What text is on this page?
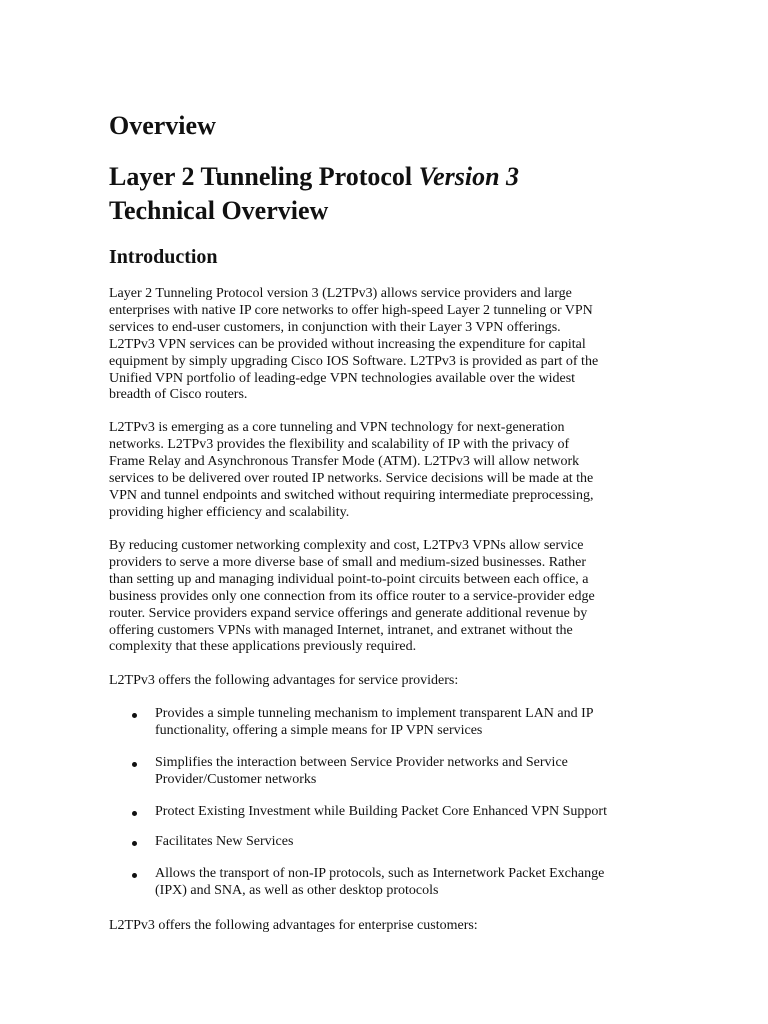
Overview
Layer 2 Tunneling Protocol Version 3
Technical Overview
Introduction

Layer 2 Tunneling Protocol version 3 (L2TPv3) allows service providers and large
enterprises with native IP core networks to offer high-speed Layer 2 tunneling or VPN
services to end-user customers, in conjunction with their Layer 3 VPN offerings.
L2TPv3 VPN services can be provided without increasing the expenditure for capital
equipment by simply upgrading Cisco IOS Software. L2TPv3 is provided as part of the
Unified VPN portfolio of leading-edge VPN technologies available over the widest
breadth of Cisco routers.

L2TPv3 is emerging as a core tunneling and VPN technology for next-generation
networks. L2TPv3 provides the flexibility and scalability of IP with the privacy of
Frame Relay and Asynchronous Transfer Mode (ATM). L2TPv3 will allow network
services to be delivered over routed IP networks. Service decisions will be made at the
VPN and tunnel endpoints and switched without requiring intermediate preprocessing,
providing higher efficiency and scalability.

By reducing customer networking complexity and cost, L2TPv3 VPNs allow service
providers to serve a more diverse base of small and medium-sized businesses. Rather
than setting up and managing individual point-to-point circuits between each office, a
business provides only one connection from its office router to a service-provider edge
router. Service providers expand service offerings and generate additional revenue by
offering customers VPNs with managed Internet, intranet, and extranet without the
complexity that these applications previously required.

L2TPv3 offers the following advantages for service providers:

Provides a simple tunneling mechanism to implement transparent LAN and IP
functionality, offering a simple means for IP VPN services
Simplifies the interaction between Service Provider networks and Service
Provider/Customer networks
Protect Existing Investment while Building Packet Core Enhanced VPN Support
Facilitates New Services
Allows the transport of non-IP protocols, such as Internetwork Packet Exchange
(IPX) and SNA, as well as other desktop protocols

L2TPv3 offers the following advantages for enterprise customers:
